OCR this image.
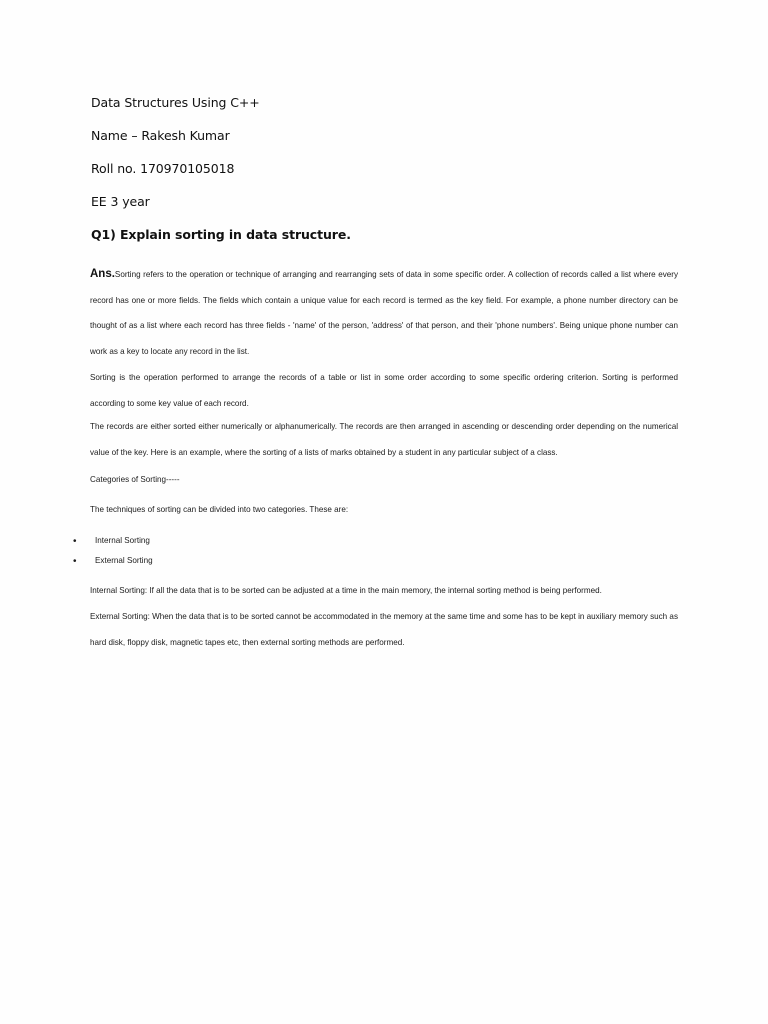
Data Structures Using C++
Name – Rakesh Kumar
Roll no. 170970105018
EE 3 year
Q1) Explain sorting in data structure.

Ans.Sorting refers to the operation or technique of arranging and rearranging sets of data in some specific order. A collection of records called a list where every record has one or more fields. The fields which contain a unique value for each record is termed as the key field. For example, a phone number directory can be thought of as a list where each record has three fields - 'name' of the person, 'address' of that person, and their 'phone numbers'. Being unique phone number can work as a key to locate any record in the list.

Sorting is the operation performed to arrange the records of a table or list in some order according to some specific ordering criterion. Sorting is performed according to some key value of each record.

The records are either sorted either numerically or alphanumerically. The records are then arranged in ascending or descending order depending on the numerical value of the key. Here is an example, where the sorting of a lists of marks obtained by a student in any particular subject of a class.

Categories of Sorting-----
The techniques of sorting can be divided into two categories. These are:
• Internal Sorting
• External Sorting
Internal Sorting: If all the data that is to be sorted can be adjusted at a time in the main memory, the internal sorting method is being performed.

External Sorting: When the data that is to be sorted cannot be accommodated in the memory at the same time and some has to be kept in auxiliary memory such as hard disk, floppy disk, magnetic tapes etc, then external sorting methods are performed.
